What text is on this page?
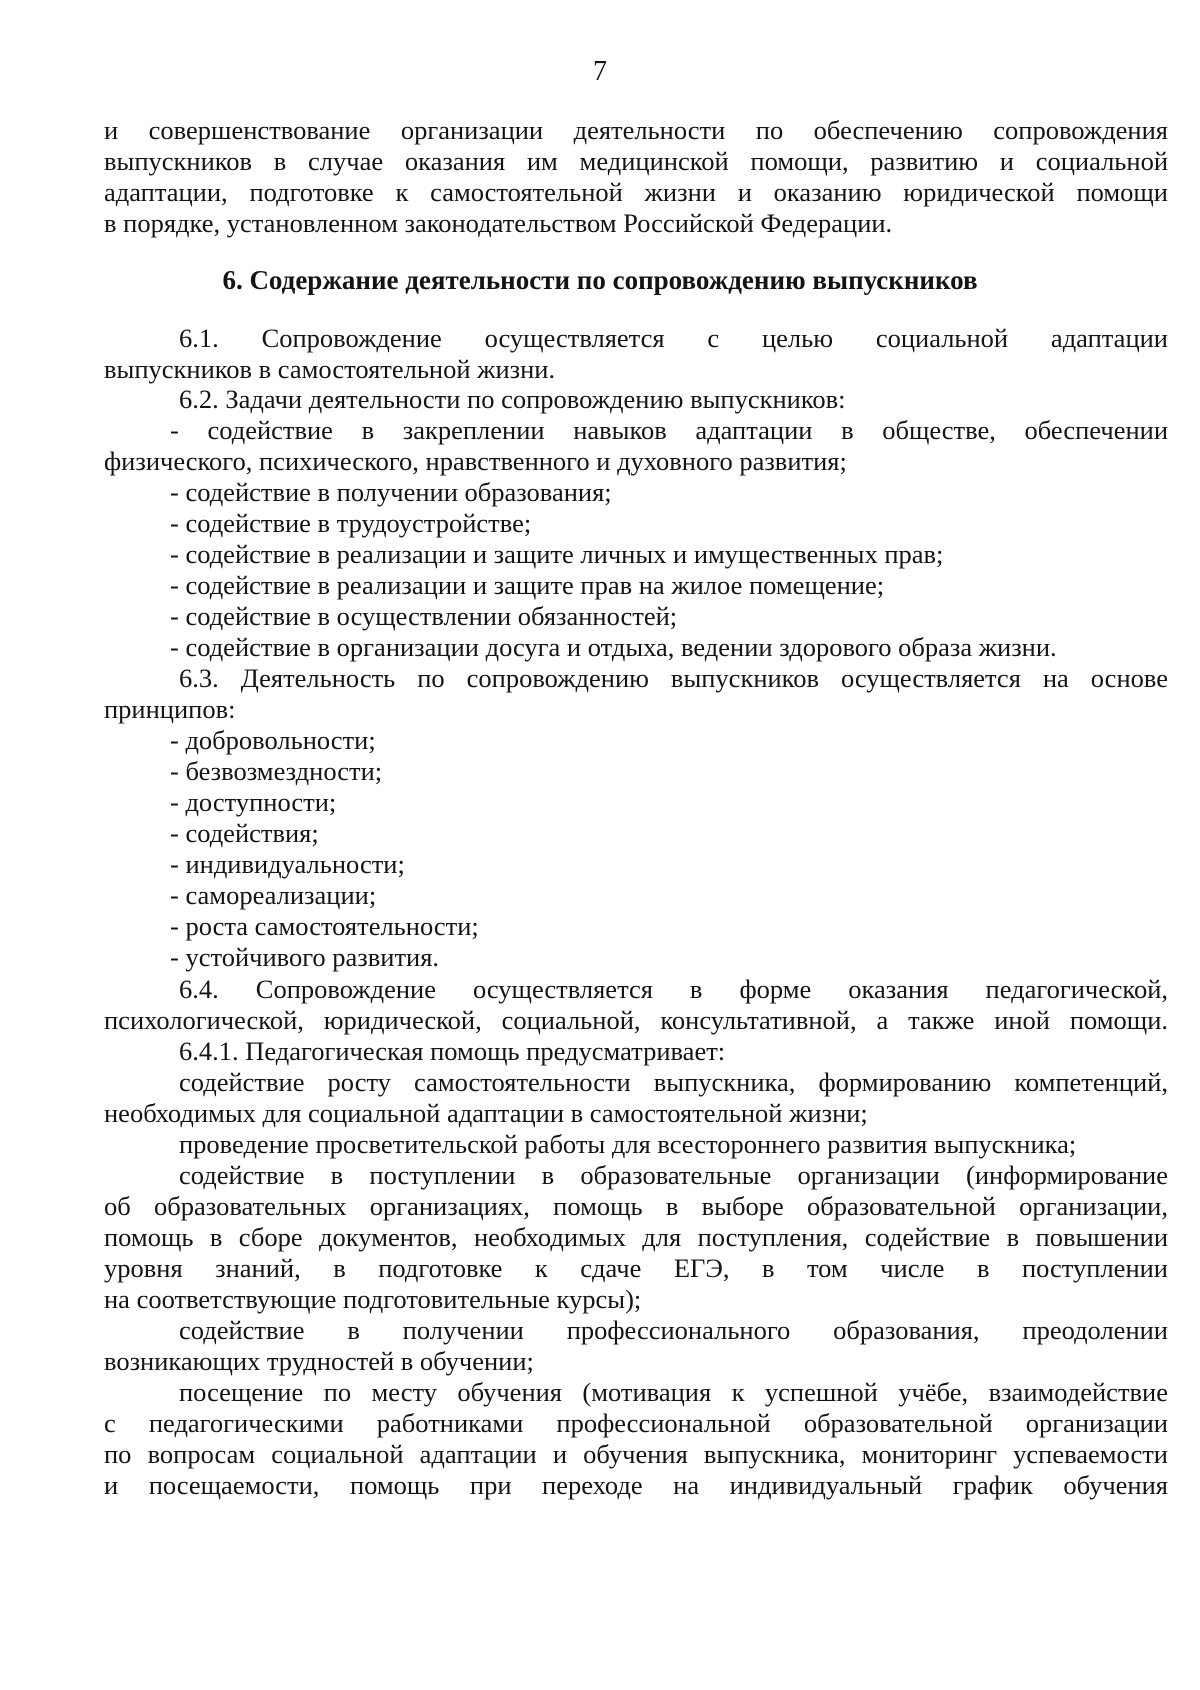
7
и совершенствование организации деятельности по обеспечению сопровождения
выпускников в случае оказания им медицинской помощи, развитию и социальной
адаптации, подготовке к самостоятельной жизни и оказанию юридической помощи
в порядке, установленном законодательством Российской Федерации.
6. Содержание деятельности по сопровождению выпускников
6.1. Сопровождение осуществляется с целью социальной адаптации
выпускников в самостоятельной жизни.
6.2. Задачи деятельности по сопровождению выпускников:
- содействие в закреплении навыков адаптации в обществе, обеспечении
физического, психического, нравственного и духовного развития;
- содействие в получении образования;
- содействие в трудоустройстве;
- содействие в реализации и защите личных и имущественных прав;
- содействие в реализации и защите прав на жилое помещение;
- содействие в осуществлении обязанностей;
- содействие в организации досуга и отдыха, ведении здорового образа жизни.
6.3. Деятельность по сопровождению выпускников осуществляется на основе
принципов:
- добровольности;
- безвозмездности;
- доступности;
- содействия;
- индивидуальности;
- самореализации;
- роста самостоятельности;
- устойчивого развития.
6.4. Сопровождение осуществляется в форме оказания педагогической,
психологической, юридической, социальной, консультативной, а также иной помощи.
6.4.1. Педагогическая помощь предусматривает:
содействие росту самостоятельности выпускника, формированию компетенций,
необходимых для социальной адаптации в самостоятельной жизни;
проведение просветительской работы для всестороннего развития выпускника;
содействие в поступлении в образовательные организации (информирование
об образовательных организациях, помощь в выборе образовательной организации,
помощь в сборе документов, необходимых для поступления, содействие в повышении
уровня знаний, в подготовке к сдаче ЕГЭ, в том числе в поступлении
на соответствующие подготовительные курсы);
содействие в получении профессионального образования, преодолении
возникающих трудностей в обучении;
посещение по месту обучения (мотивация к успешной учёбе, взаимодействие
с педагогическими работниками профессиональной образовательной организации
по вопросам социальной адаптации и обучения выпускника, мониторинг успеваемости
и посещаемости, помощь при переходе на индивидуальный график обучения
